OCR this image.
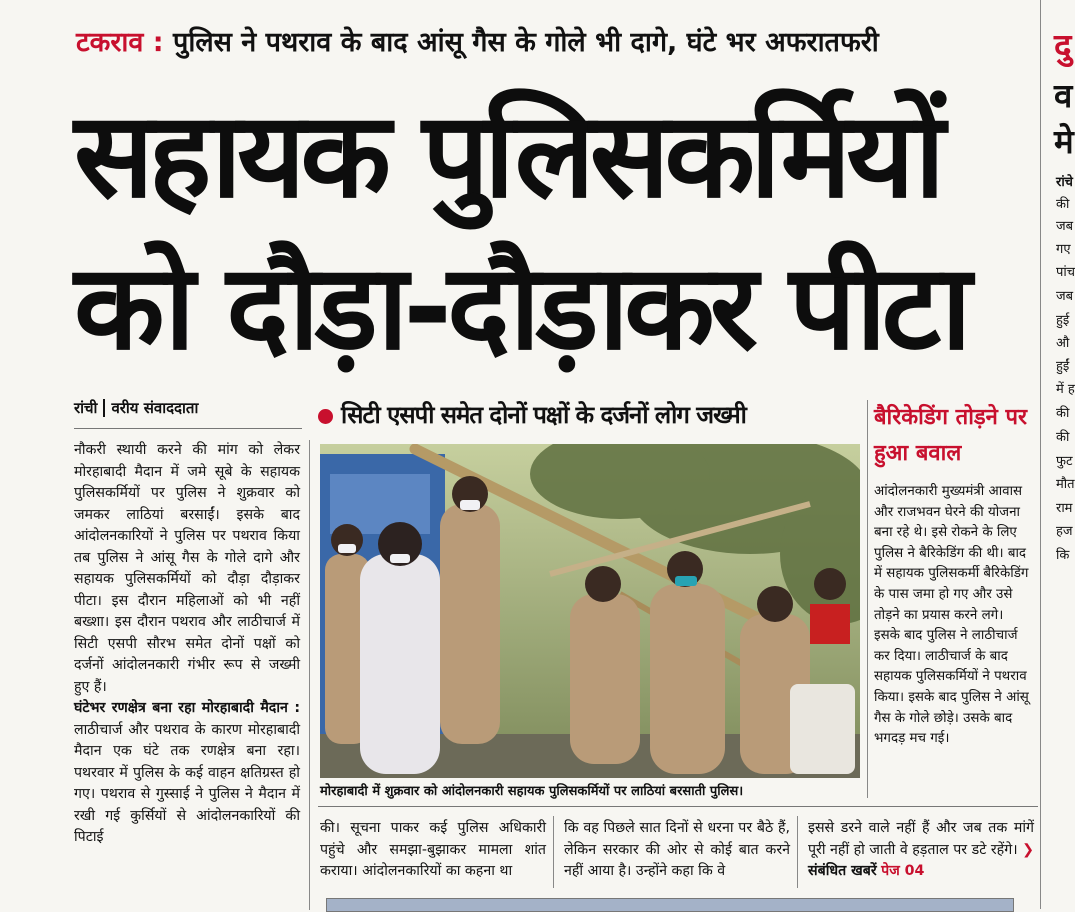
टकराव : पुलिस ने पथराव के बाद आंसू गैस के गोले भी दागे, घंटे भर अफरातफरी
सहायक पुलिसकर्मियों
को दौड़ा-दौड़ाकर पीटा
रांची वरीय संवाददाता
नौकरी स्थायी करने की मांग को लेकर मोरहाबादी मैदान में जमे सूबे के सहायक पुलिसकर्मियों पर पुलिस ने शुक्रवार को जमकर लाठियां बरसाईं। इसके बाद आंदोलनकारियों ने पुलिस पर पथराव किया तब पुलिस ने आंसू गैस के गोले दागे और सहायक पुलिसकर्मियों को दौड़ा दौड़ाकर पीटा। इस दौरान महिलाओं को भी नहीं बख्शा। इस दौरान पथराव और लाठीचार्ज में सिटी एसपी सौरभ समेत दोनों पक्षों को दर्जनों आंदोलनकारी गंभीर रूप से जख्मी हुए हैं।
घंटेभर रणक्षेत्र बना रहा मोरहाबादी मैदान : लाठीचार्ज और पथराव के कारण मोरहाबादी मैदान एक घंटे तक रणक्षेत्र बना रहा। पथरवार में पुलिस के कई वाहन क्षतिग्रस्त हो गए। पथराव से गुस्साई ने पुलिस ने मैदान में रखी गई कुर्सियों से आंदोलनकारियों की पिटाई
सिटी एसपी समेत दोनों पक्षों के दर्जनों लोग जख्मी
मोरहाबादी में शुक्रवार को आंदोलनकारी सहायक पुलिसकर्मियों पर लाठियां बरसाती पुलिस।
बैरिकेडिंग तोड़ने पर हुआ बवाल
आंदोलनकारी मुख्यमंत्री आवास और राजभवन घेरने की योजना बना रहे थे। इसे रोकने के लिए पुलिस ने बैरिकेडिंग की थी। बाद में सहायक पुलिसकर्मी बैरिकेडिंग के पास जमा हो गए और उसे तोड़ने का प्रयास करने लगे। इसके बाद पुलिस ने लाठीचार्ज कर दिया। लाठीचार्ज के बाद सहायक पुलिसकर्मियों ने पथराव किया। इसके बाद पुलिस ने आंसू गैस के गोले छोड़े। उसके बाद भगदड़ मच गई।
की। सूचना पाकर कई पुलिस अधिकारी पहुंचे और समझा-बुझाकर मामला शांत कराया। आंदोलनकारियों का कहना था
कि वह पिछले सात दिनों से धरना पर बैठे हैं, लेकिन सरकार की ओर से कोई बात करने नहीं आया है। उन्होंने कहा कि वे
इससे डरने वाले नहीं हैं और जब तक मांगें पूरी नहीं हो जाती वे हड़ताल पर डटे रहेंगे। ❯ संबंधित खबरें पेज 04
दु
व
मे
रांचे
की
जब
गए
पांच
जब
हुई
औ
हुईं
में ह
की
की
फुट
मौत
राम
हज
कि
